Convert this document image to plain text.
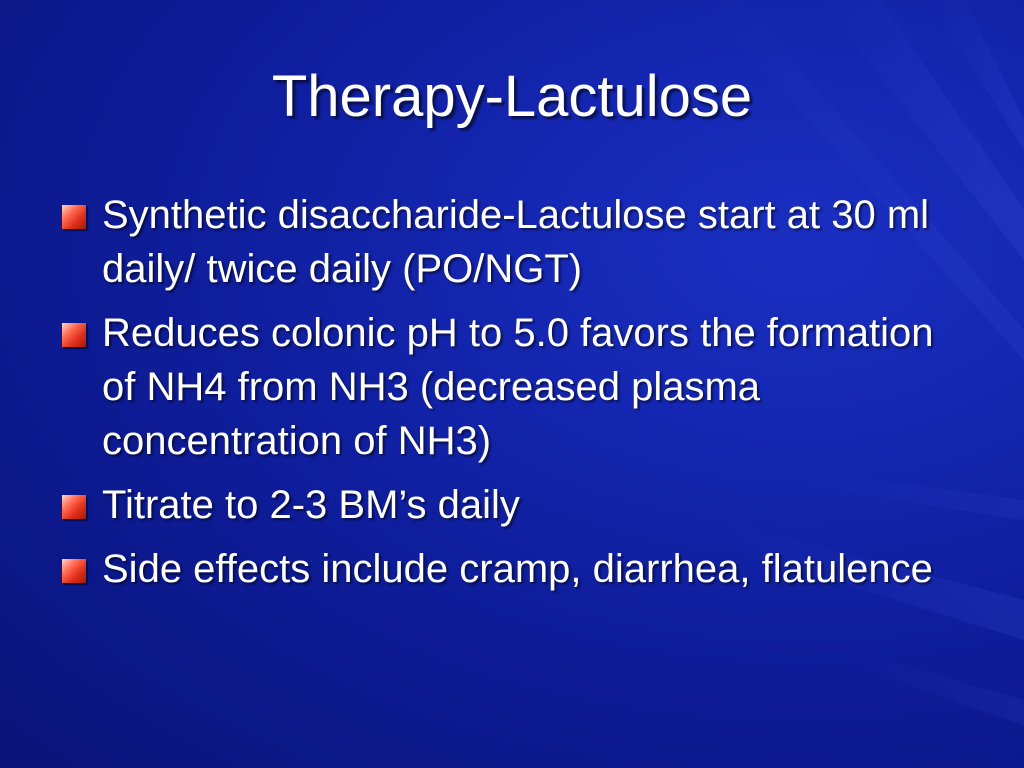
Therapy-Lactulose
Synthetic disaccharide-Lactulose start at 30 ml daily/ twice daily (PO/NGT)
Reduces colonic pH to 5.0 favors the formation of NH4 from NH3 (decreased plasma concentration of NH3)
Titrate to 2-3 BM’s daily
Side effects include cramp, diarrhea, flatulence
